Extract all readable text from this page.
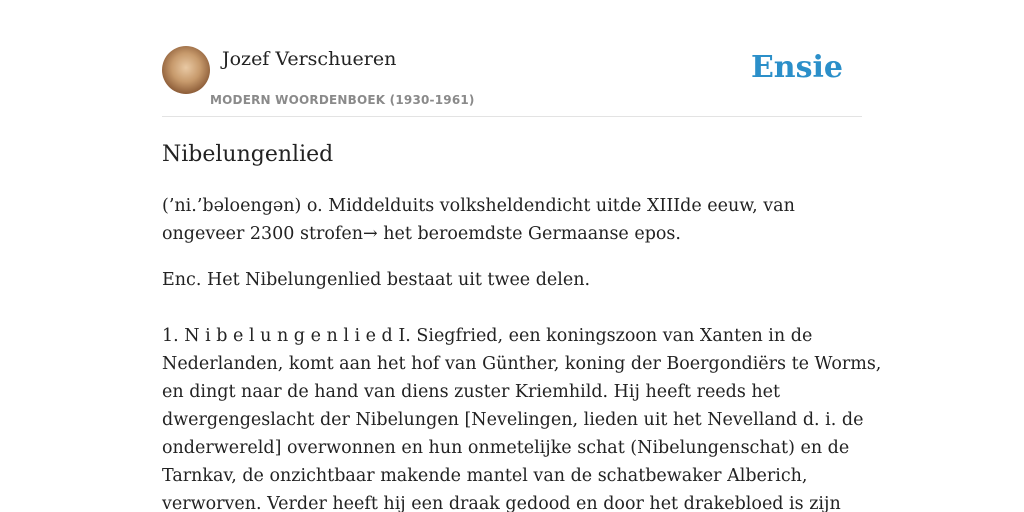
Jozef Verschueren
MODERN WOORDENBOEK (1930-1961)
Ensie
Nibelungenlied

(’ni.’bəloengən) o. Middelduits volksheldendicht uitde XIIIde eeuw, van
ongeveer 2300 strofen→ het beroemdste Germaanse epos.

Enc. Het Nibelungenlied bestaat uit twee delen.

1. N i b e l u n g e n l i e d I. Siegfried, een koningszoon van Xanten in de
Nederlanden, komt aan het hof van Günther, koning der Boergondiërs te Worms,
en dingt naar de hand van diens zuster Kriemhild. Hij heeft reeds het
dwergengeslacht der Nibelungen [Nevelingen, lieden uit het Nevelland d. i. de
onderwereld] overwonnen en hun onmetelijke schat (Nibelungenschat) en de
Tarnkav, de onzichtbaar makende mantel van de schatbewaker Alberich,
verworven. Verder heeft hij een draak gedood en door het drakebloed is zijn
